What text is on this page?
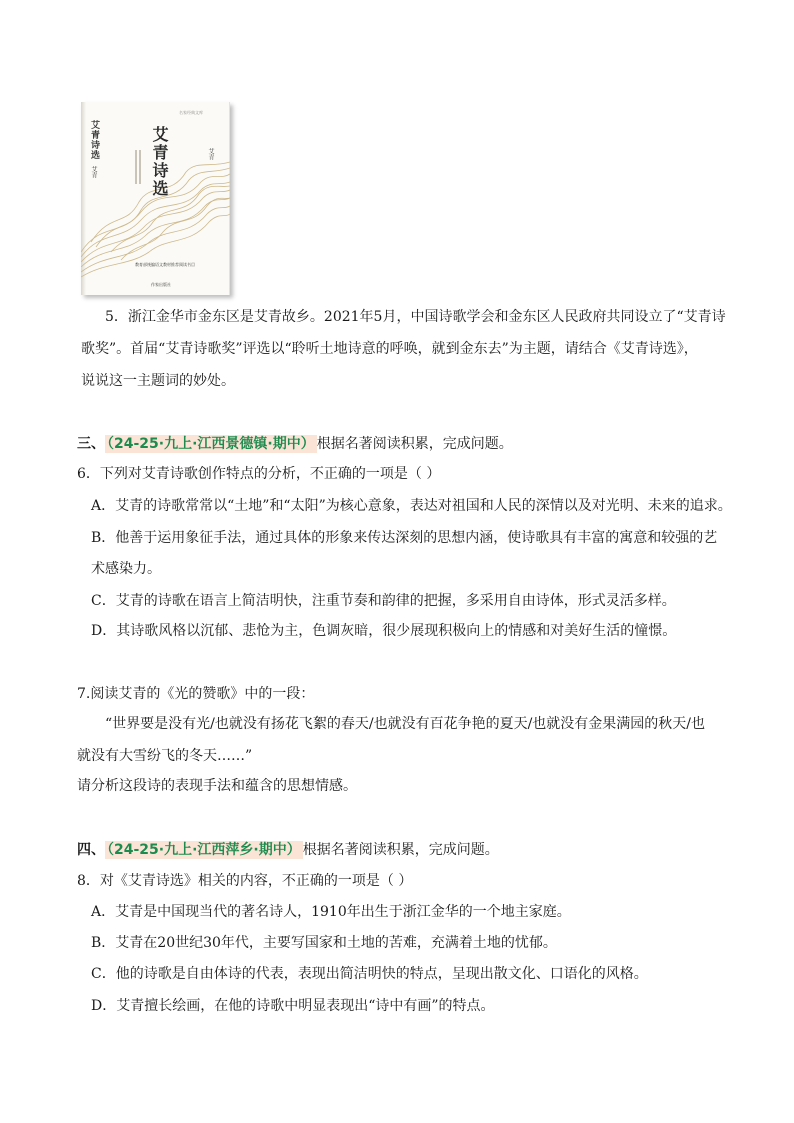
名家经典文库
艾青诗选
艾青	艾青诗选	艾青
教育部统编语文教材推荐阅读书目
作家出版社
5．浙江金华市金东区是艾青故乡。2021年5月，中国诗歌学会和金东区人民政府共同设立了“艾青诗
歌奖”。首届“艾青诗歌奖”评选以“聆听土地诗意的呼唤，就到金东去”为主题，请结合《艾青诗选》，
说说这一主题词的妙处。
三、 （24-25·九上·江西景德镇·期中） 根据名著阅读积累，完成问题。
6．下列对艾青诗歌创作特点的分析，不正确的一项是（ ）
A．艾青的诗歌常常以“土地”和“太阳”为核心意象，表达对祖国和人民的深情以及对光明、未来的追求。
B．他善于运用象征手法，通过具体的形象来传达深刻的思想内涵，使诗歌具有丰富的寓意和较强的艺
术感染力。
C．艾青的诗歌在语言上简洁明快，注重节奏和韵律的把握，多采用自由诗体，形式灵活多样。
D．其诗歌风格以沉郁、悲怆为主，色调灰暗，很少展现积极向上的情感和对美好生活的憧憬。
7.阅读艾青的《光的赞歌》中的一段：
“世界要是没有光/也就没有扬花飞絮的春天/也就没有百花争艳的夏天/也就没有金果满园的秋天/也
就没有大雪纷飞的冬天……”
请分析这段诗的表现手法和蕴含的思想情感。
四、 （24-25·九上·江西萍乡·期中） 根据名著阅读积累，完成问题。
8．对《艾青诗选》相关的内容，不正确的一项是（ ）
A．艾青是中国现当代的著名诗人，1910年出生于浙江金华的一个地主家庭。
B．艾青在20世纪30年代，主要写国家和土地的苦难，充满着土地的忧郁。
C．他的诗歌是自由体诗的代表，表现出简洁明快的特点，呈现出散文化、口语化的风格。
D．艾青擅长绘画，在他的诗歌中明显表现出“诗中有画”的特点。
